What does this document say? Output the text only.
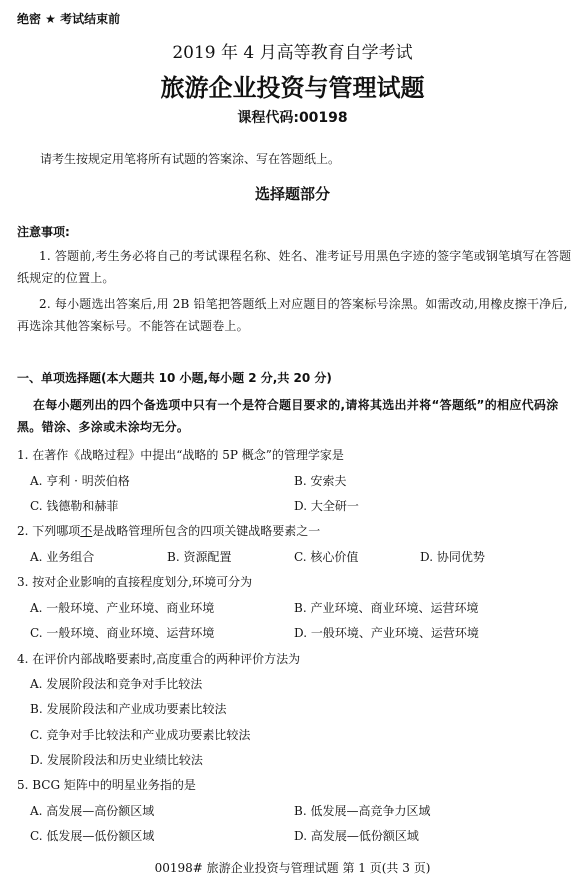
绝密 ★ 考试结束前
2019 年 4 月高等教育自学考试
旅游企业投资与管理试题
课程代码:00198
请考生按规定用笔将所有试题的答案涂、写在答题纸上。
选择题部分
注意事项:
1. 答题前,考生务必将自己的考试课程名称、姓名、准考证号用黑色字迹的签字笔或钢笔填写在答题纸规定的位置上。
2. 每小题选出答案后,用 2B 铅笔把答题纸上对应题目的答案标号涂黑。如需改动,用橡皮擦干净后,再选涂其他答案标号。不能答在试题卷上。
一、单项选择题(本大题共 10 小题,每小题 2 分,共 20 分)
在每小题列出的四个备选项中只有一个是符合题目要求的,请将其选出并将“答题纸”的相应代码涂黑。错涂、多涂或未涂均无分。
1. 在著作《战略过程》中提出“战略的 5P 概念”的管理学家是
A. 亨利 · 明茨伯格	B. 安索夫
C. 钱德勒和赫菲	D. 大全研一
2. 下列哪项不是战略管理所包含的四项关键战略要素之一
A. 业务组合	B. 资源配置	C. 核心价值	D. 协同优势
3. 按对企业影响的直接程度划分,环境可分为
A. 一般环境、产业环境、商业环境	B. 产业环境、商业环境、运营环境
C. 一般环境、商业环境、运营环境	D. 一般环境、产业环境、运营环境
4. 在评价内部战略要素时,高度重合的两种评价方法为
A. 发展阶段法和竞争对手比较法
B. 发展阶段法和产业成功要素比较法
C. 竞争对手比较法和产业成功要素比较法
D. 发展阶段法和历史业绩比较法
5. BCG 矩阵中的明星业务指的是
A. 高发展—高份额区域	B. 低发展—高竞争力区域
C. 低发展—低份额区域	D. 高发展—低份额区域
00198# 旅游企业投资与管理试题 第 1 页(共 3 页)
